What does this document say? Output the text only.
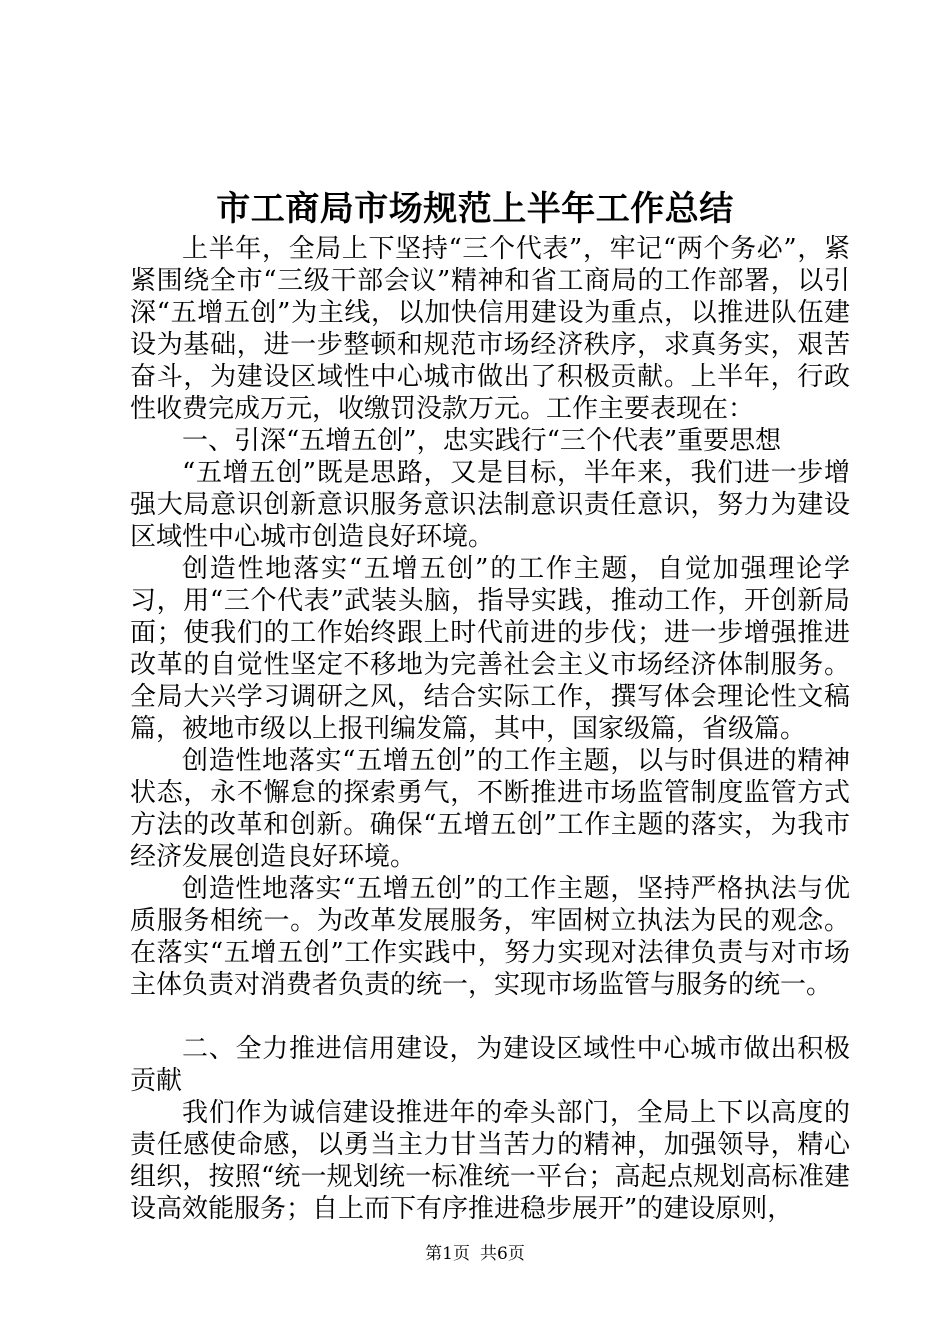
市工商局市场规范上半年工作总结

上半年，全局上下坚持“三个代表”，牢记“两个务必”，紧紧围绕全市“三级干部会议”精神和省工商局的工作部署，以引深“五增五创”为主线，以加快信用建设为重点，以推进队伍建设为基础，进一步整顿和规范市场经济秩序，求真务实，艰苦奋斗，为建设区域性中心城市做出了积极贡献。上半年，行政性收费完成万元，收缴罚没款万元。工作主要表现在：

一、引深“五增五创”，忠实践行“三个代表”重要思想

“五增五创”既是思路，又是目标，半年来，我们进一步增强大局意识创新意识服务意识法制意识责任意识，努力为建设区域性中心城市创造良好环境。

创造性地落实“五增五创”的工作主题，自觉加强理论学习，用“三个代表”武装头脑，指导实践，推动工作，开创新局面；使我们的工作始终跟上时代前进的步伐；进一步增强推进改革的自觉性坚定不移地为完善社会主义市场经济体制服务。全局大兴学习调研之风，结合实际工作，撰写体会理论性文稿篇，被地市级以上报刊编发篇，其中，国家级篇，省级篇。

创造性地落实“五增五创”的工作主题，以与时俱进的精神状态，永不懈怠的探索勇气，不断推进市场监管制度监管方式方法的改革和创新。确保“五增五创”工作主题的落实，为我市经济发展创造良好环境。

创造性地落实“五增五创”的工作主题，坚持严格执法与优质服务相统一。为改革发展服务，牢固树立执法为民的观念。在落实“五增五创”工作实践中，努力实现对法律负责与对市场主体负责对消费者负责的统一，实现市场监管与服务的统一。

二、全力推进信用建设，为建设区域性中心城市做出积极贡献

我们作为诚信建设推进年的牵头部门，全局上下以高度的责任感使命感，以勇当主力甘当苦力的精神，加强领导，精心组织，按照“统一规划统一标准统一平台；高起点规划高标准建设高效能服务；自上而下有序推进稳步展开”的建设原则，

第1页 共6页
